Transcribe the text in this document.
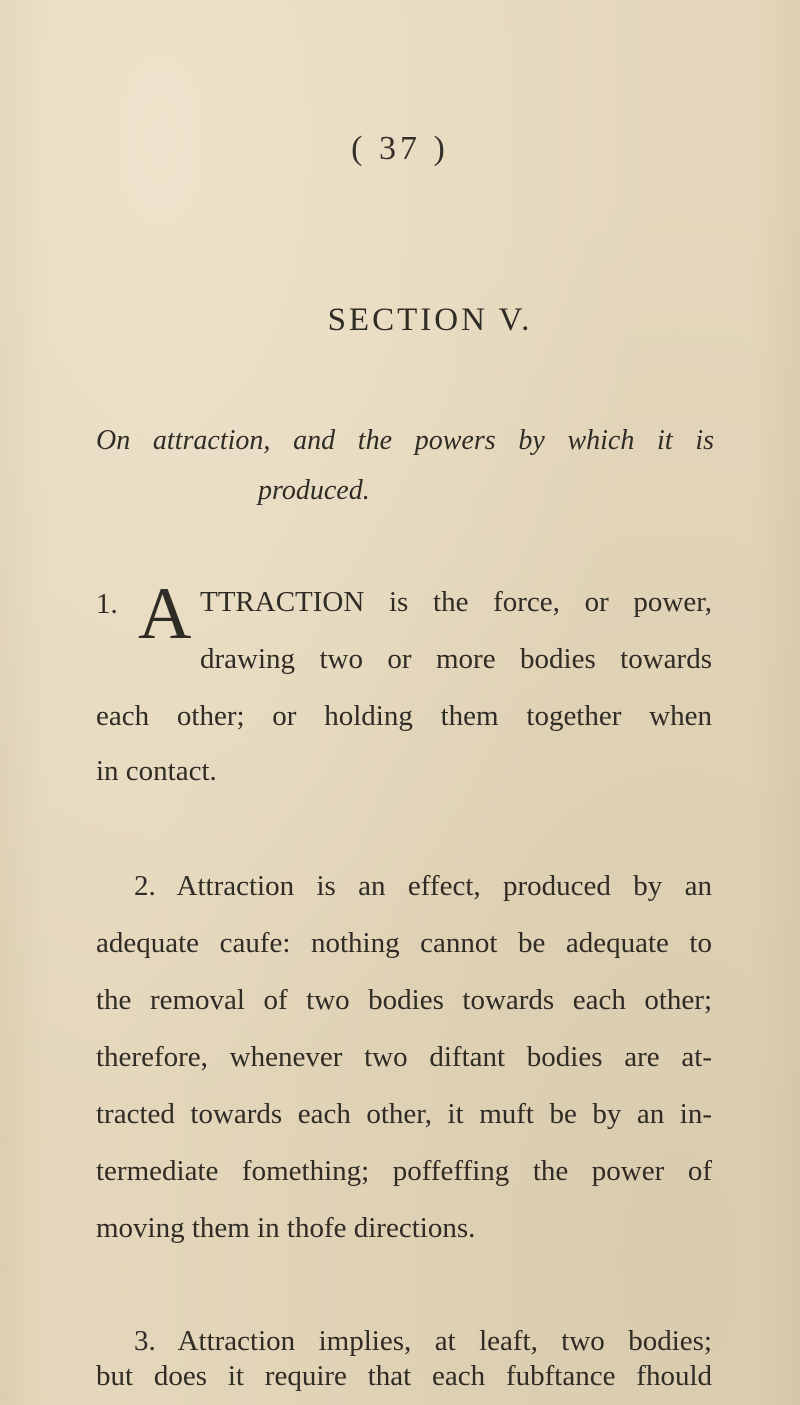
( 37 )
SECTION V.
On attraction, and the powers by which it is
produced.
1. A TTRACTION is the force, or power,
drawing two or more bodies towards
each other; or holding them together when
in contact.
2. Attraction is an effect, produced by an
adequate caufe: nothing cannot be adequate to
the removal of two bodies towards each other;
therefore, whenever two diftant bodies are at-
tracted towards each other, it muft be by an in-
termediate fomething; poffeffing the power of
moving them in thofe directions.
3. Attraction implies, at leaft, two bodies;
but does it require that each fubftance fhould
